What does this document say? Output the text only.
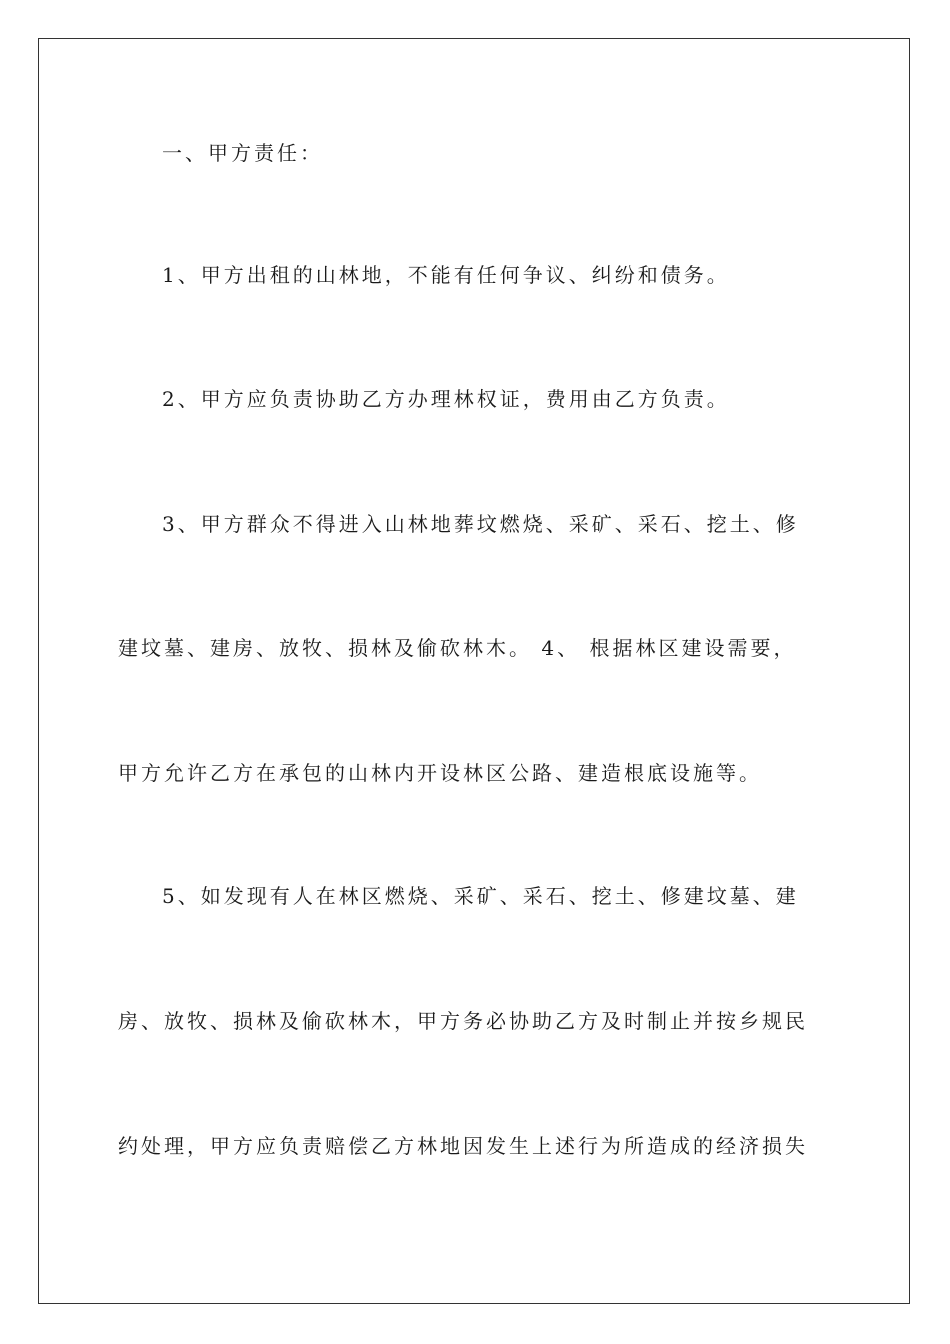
一、甲方责任：
1、甲方出租的山林地，不能有任何争议、纠纷和债务。
2、甲方应负责协助乙方办理林权证，费用由乙方负责。
3、甲方群众不得进入山林地葬坟燃烧、采矿、采石、挖土、修
建坟墓、建房、放牧、损林及偷砍林木。 4、 根据林区建设需要，
甲方允许乙方在承包的山林内开设林区公路、建造根底设施等。
5、如发现有人在林区燃烧、采矿、采石、挖土、修建坟墓、建
房、放牧、损林及偷砍林木，甲方务必协助乙方及时制止并按乡规民
约处理，甲方应负责赔偿乙方林地因发生上述行为所造成的经济损失
